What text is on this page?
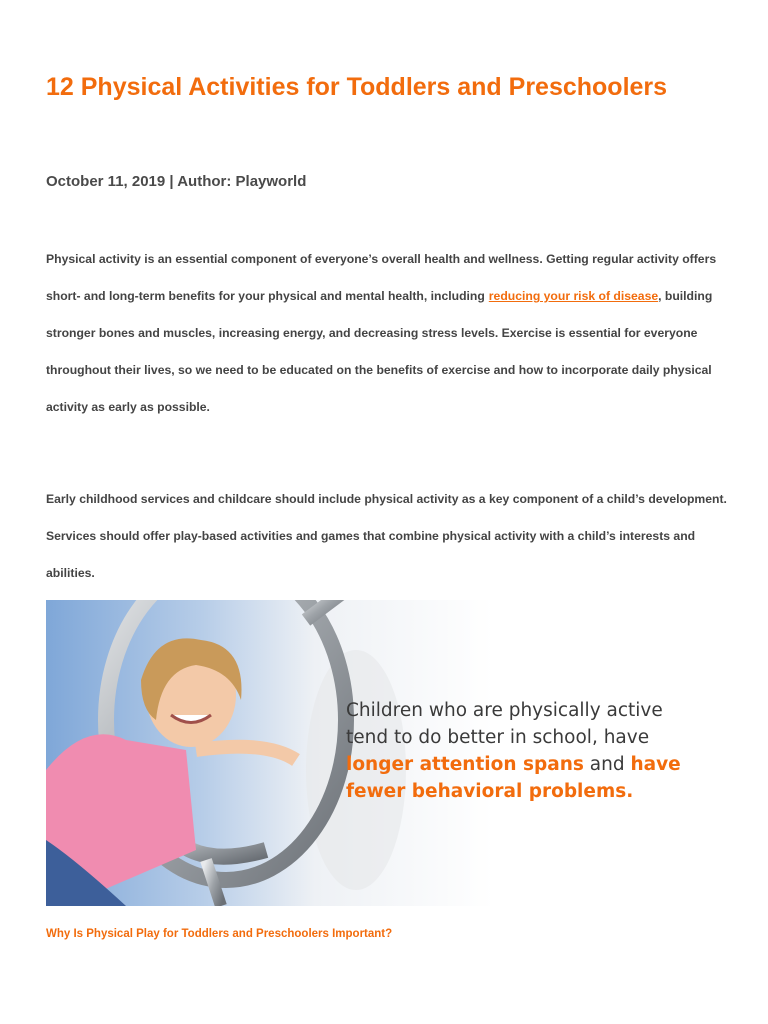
12 Physical Activities for Toddlers and Preschoolers

October 11, 2019 | Author: Playworld

Physical activity is an essential component of everyone’s overall health and wellness. Getting regular activity offers short- and long-term benefits for your physical and mental health, including reducing your risk of disease, building stronger bones and muscles, increasing energy, and decreasing stress levels. Exercise is essential for everyone throughout their lives, so we need to be educated on the benefits of exercise and how to incorporate daily physical activity as early as possible.

Early childhood services and childcare should include physical activity as a key component of a child’s development. Services should offer play-based activities and games that combine physical activity with a child’s interests and abilities.

Why Is Physical Play for Toddlers and Preschoolers Important?

Children who are physically active tend to do better in school, have longer attention spans and have fewer behavioral problems.
